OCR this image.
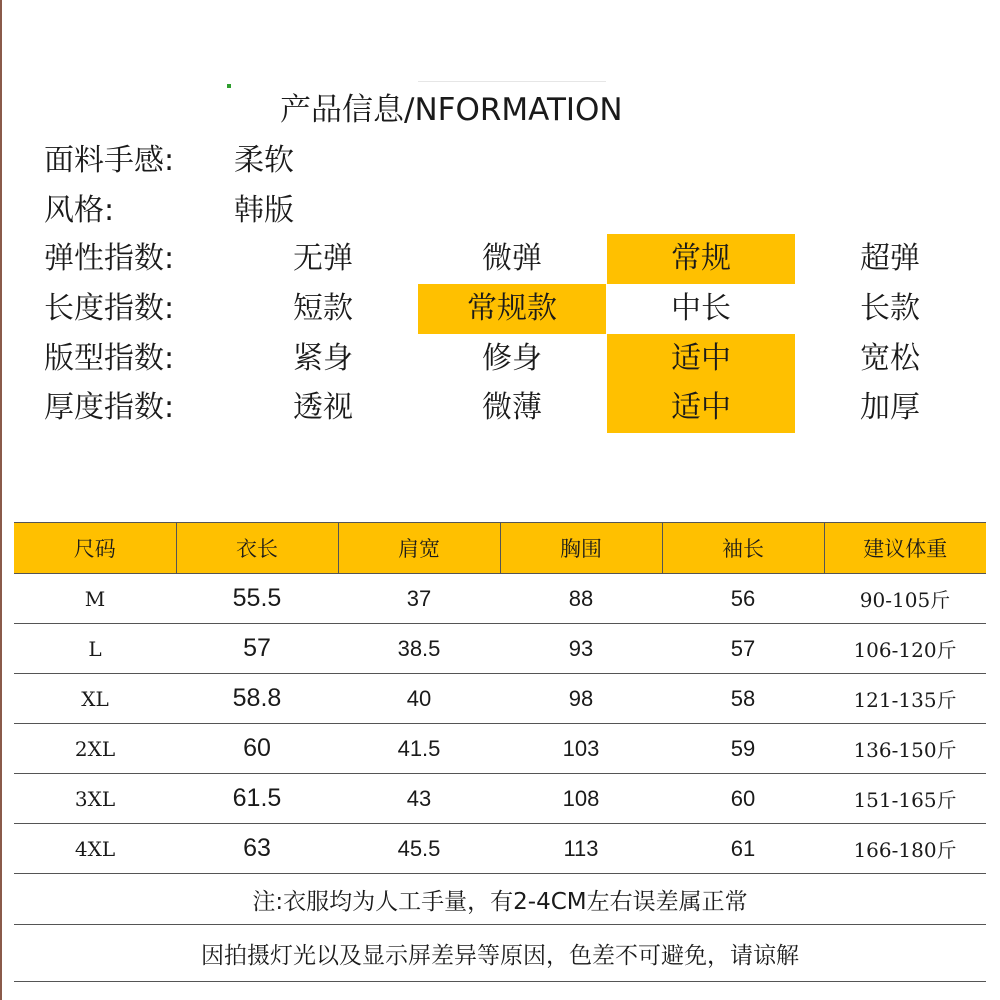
产品信息/NFORMATION
面料手感: 柔软
风格:	韩版
弹性指数:	无弹	微弹	常规	超弹
长度指数:	短款	常规款	中长	长款
版型指数:	紧身	修身	适中	宽松
厚度指数:	透视	微薄	适中	加厚
尺码	衣长	肩宽	胸围	袖长	建议体重
M	55.5	37	88	56	90-105斤
L	57	38.5	93	57	106-120斤
XL	58.8	40	98	58	121-135斤
2XL	60	41.5	103	59	136-150斤
3XL	61.5	43	108	60	151-165斤
4XL	63	45.5	113	61	166-180斤
注:衣服均为人工手量，有2-4CM左右误差属正常					
因拍摄灯光以及显示屏差异等原因，色差不可避免，请谅解					
